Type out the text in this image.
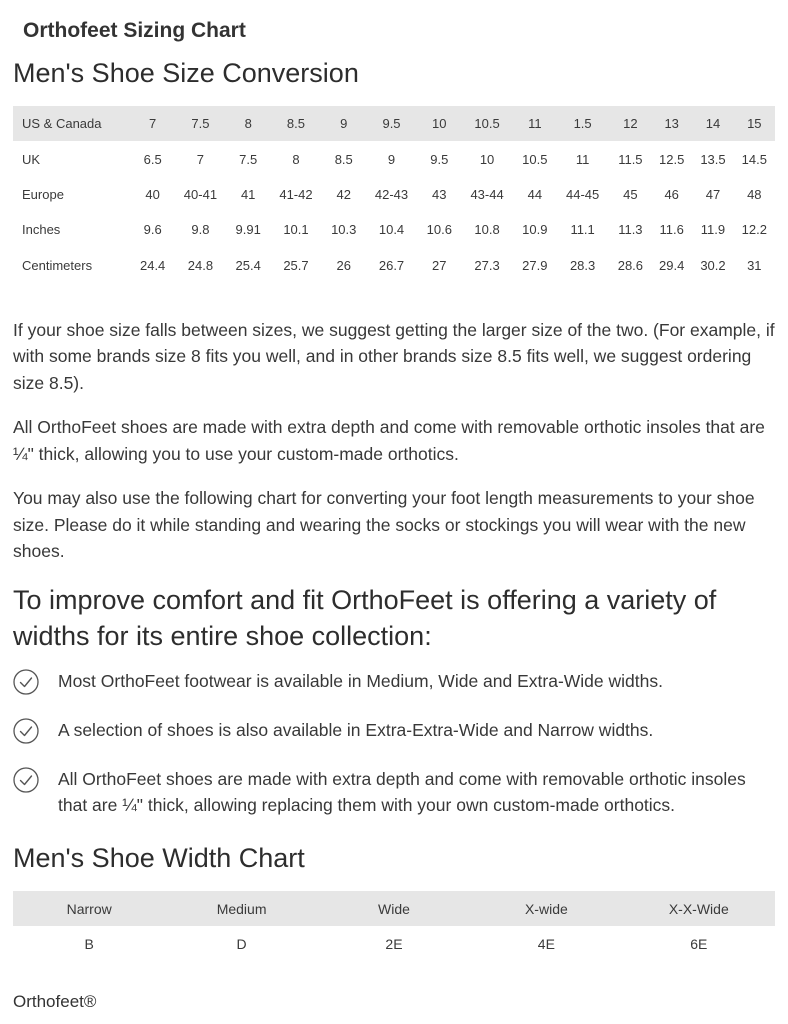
Orthofeet Sizing Chart
Men's Shoe Size Conversion
US & Canada	7	7.5	8	8.5	9	9.5	10	10.5	11	1.5	12	13	14	15
UK	6.5	7	7.5	8	8.5	9	9.5	10	10.5	11	11.5	12.5	13.5	14.5
Europe	40	40-41	41	41-42	42	42-43	43	43-44	44	44-45	45	46	47	48
Inches	9.6	9.8	9.91	10.1	10.3	10.4	10.6	10.8	10.9	11.1	11.3	11.6	11.9	12.2
Centimeters	24.4	24.8	25.4	25.7	26	26.7	27	27.3	27.9	28.3	28.6	29.4	30.2	31

If your shoe size falls between sizes, we suggest getting the larger size of the two. (For example, if with some brands size 8 fits you well, and in other brands size 8.5 fits well, we suggest ordering size 8.5).

All OrthoFeet shoes are made with extra depth and come with removable orthotic insoles that are ¼" thick, allowing you to use your custom-made orthotics.

You may also use the following chart for converting your foot length measurements to your shoe size. Please do it while standing and wearing the socks or stockings you will wear with the new shoes.

To improve comfort and fit OrthoFeet is offering a variety of widths for its entire shoe collection:
Most OrthoFeet footwear is available in Medium, Wide and Extra-Wide widths.
A selection of shoes is also available in Extra-Extra-Wide and Narrow widths.
All OrthoFeet shoes are made with extra depth and come with removable orthotic insoles that are ¼" thick, allowing replacing them with your own custom-made orthotics.
Men's Shoe Width Chart
Narrow	Medium	Wide	X-wide	X-X-Wide
B	D	2E	4E	6E
Orthofeet®
